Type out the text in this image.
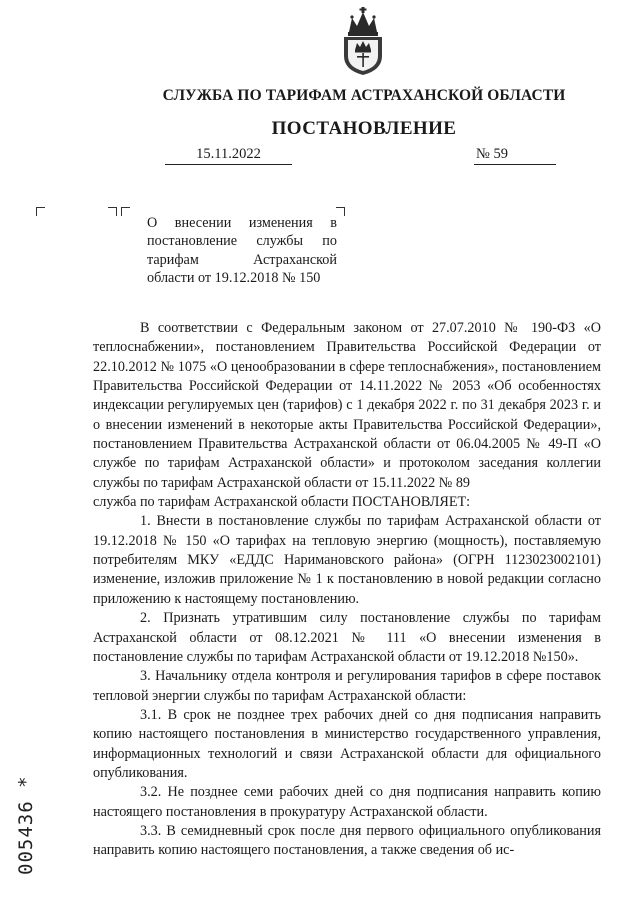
СЛУЖБА ПО ТАРИФАМ АСТРАХАНСКОЙ ОБЛАСТИ
ПОСТАНОВЛЕНИЕ
15.11.2022	№ 59
О внесении изменения в постановление службы по тарифам Астраханской области от 19.12.2018 № 150

В соответствии с Федеральным законом от 27.07.2010 № 190-ФЗ «О теплоснабжении», постановлением Правительства Российской Федерации от 22.10.2012 № 1075 «О ценообразовании в сфере теплоснабжения», постановлением Правительства Российской Федерации от 14.11.2022 № 2053 «Об особенностях индексации регулируемых цен (тарифов) с 1 декабря 2022 г. по 31 декабря 2023 г. и о внесении изменений в некоторые акты Правительства Российской Федерации», постановлением Правительства Астраханской области от 06.04.2005 № 49-П «О службе по тарифам Астраханской области» и протоколом заседания коллегии службы по тарифам Астраханской области от 15.11.2022 № 89

служба по тарифам Астраханской области ПОСТАНОВЛЯЕТ:

1. Внести в постановление службы по тарифам Астраханской области от 19.12.2018 № 150 «О тарифах на тепловую энергию (мощность), поставляемую потребителям МКУ «ЕДДС Наримановского района» (ОГРН 1123023002101) изменение, изложив приложение № 1 к постановлению в новой редакции согласно приложению к настоящему постановлению.

2. Признать утратившим силу постановление службы по тарифам Астраханской области от 08.12.2021 № 111 «О внесении изменения в постановление службы по тарифам Астраханской области от 19.12.2018 №150».

3. Начальнику отдела контроля и регулирования тарифов в сфере поставок тепловой энергии службы по тарифам Астраханской области:

3.1. В срок не позднее трех рабочих дней со дня подписания направить копию настоящего постановления в министерство государственного управления, информационных технологий и связи Астраханской области для официального опубликования.

3.2. Не позднее семи рабочих дней со дня подписания направить копию настоящего постановления в прокуратуру Астраханской области.

3.3. В семидневный срок после дня первого официального опубликования направить копию настоящего постановления, а также сведения об ис-

005436 *
